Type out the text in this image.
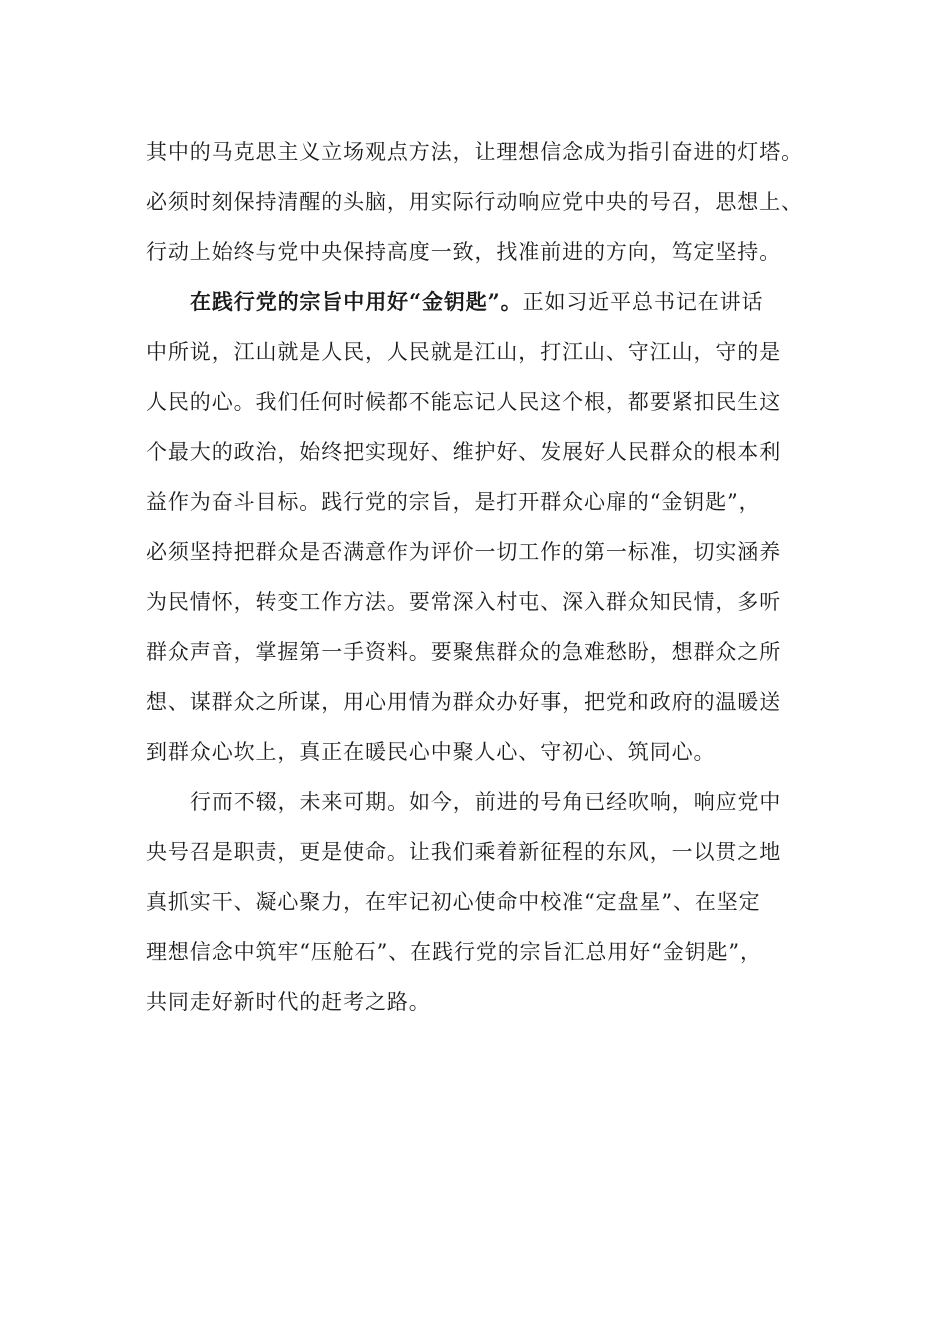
其中的马克思主义立场观点方法，让理想信念成为指引奋进的灯塔。
必须时刻保持清醒的头脑，用实际行动响应党中央的号召，思想上、
行动上始终与党中央保持高度一致，找准前进的方向，笃定坚持。
在践行党的宗旨中用好“金钥匙”。正如习近平总书记在讲话
中所说，江山就是人民，人民就是江山，打江山、守江山，守的是
人民的心。我们任何时候都不能忘记人民这个根，都要紧扣民生这
个最大的政治，始终把实现好、维护好、发展好人民群众的根本利
益作为奋斗目标。践行党的宗旨，是打开群众心扉的“金钥匙”，
必须坚持把群众是否满意作为评价一切工作的第一标准，切实涵养
为民情怀，转变工作方法。要常深入村屯、深入群众知民情，多听
群众声音，掌握第一手资料。要聚焦群众的急难愁盼，想群众之所
想、谋群众之所谋，用心用情为群众办好事，把党和政府的温暖送
到群众心坎上，真正在暖民心中聚人心、守初心、筑同心。
行而不辍，未来可期。如今，前进的号角已经吹响，响应党中
央号召是职责，更是使命。让我们乘着新征程的东风，一以贯之地
真抓实干、凝心聚力，在牢记初心使命中校准“定盘星”、在坚定
理想信念中筑牢“压舱石”、在践行党的宗旨汇总用好“金钥匙”，
共同走好新时代的赶考之路。
